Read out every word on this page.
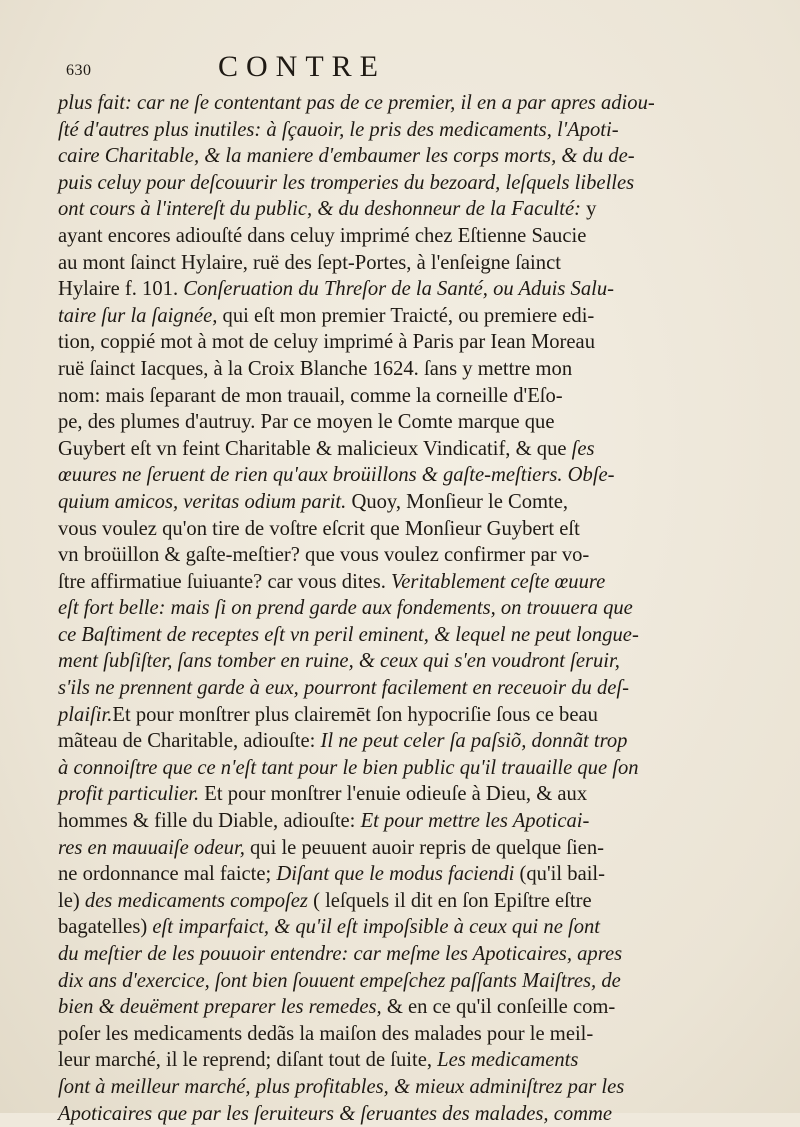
630	CONTRE
plus fait: car ne ſe contentant pas de ce premier, il en a par apres adiou-
ſté d'autres plus inutiles: à ſçauoir, le pris des medicaments, l'Apoti-
caire Charitable, & la maniere d'embaumer les corps morts, & du de-
puis celuy pour deſcouurir les tromperies du bezoard, leſquels libelles
ont cours à l'intereſt du public, & du deshonneur de la Faculté: y
ayant encores adiouſté dans celuy imprimé chez Eſtienne Saucie
au mont ſainct Hylaire, ruë des ſept-Portes, à l'enſeigne ſainct
Hylaire f. 101. Conſeruation du Threſor de la Santé, ou Aduis Salu-
taire ſur la ſaignée, qui eſt mon premier Traicté, ou premiere edi-
tion, coppié mot à mot de celuy imprimé à Paris par Iean Moreau
ruë ſainct Iacques, à la Croix Blanche 1624. ſans y mettre mon
nom: mais ſeparant de mon trauail, comme la corneille d'Eſo-
pe, des plumes d'autruy. Par ce moyen le Comte marque que
Guybert eſt vn feint Charitable & malicieux Vindicatif, & que ſes
œuures ne ſeruent de rien qu'aux broüillons & gaſte-meſtiers. Obſe-
quium amicos, veritas odium parit. Quoy, Monſieur le Comte,
vous voulez qu'on tire de voſtre eſcrit que Monſieur Guybert eſt
vn broüillon & gaſte-meſtier? que vous voulez confirmer par vo-
ſtre affirmatiue ſuiuante? car vous dites. Veritablement ceſte œuure
eſt fort belle: mais ſi on prend garde aux fondements, on trouuera que
ce Baſtiment de receptes eſt vn peril eminent, & lequel ne peut longue-
ment ſubſiſter, ſans tomber en ruine, & ceux qui s'en voudront ſeruir,
s'ils ne prennent garde à eux, pourront facilement en receuoir du deſ-
plaiſir.Et pour monſtrer plus clairemēt ſon hypocriſie ſous ce beau
mãteau de Charitable, adiouſte: Il ne peut celer ſa paſsiõ, donnãt trop
à connoiſtre que ce n'eſt tant pour le bien public qu'il trauaille que ſon
profit particulier. Et pour monſtrer l'enuie odieuſe à Dieu, & aux
hommes & fille du Diable, adiouſte: Et pour mettre les Apoticai-
res en mauuaiſe odeur, qui le peuuent auoir repris de quelque ſien-
ne ordonnance mal faicte; Diſant que le modus faciendi (qu'il bail-
le) des medicaments compoſez ( leſquels il dit en ſon Epiſtre eſtre
bagatelles) eſt imparfaict, & qu'il eſt impoſsible à ceux qui ne ſont
du meſtier de les pouuoir entendre: car meſme les Apoticaires, apres
dix ans d'exercice, ſont bien ſouuent empeſchez paſſants Maiſtres, de
bien & deuëment preparer les remedes, & en ce qu'il conſeille com-
poſer les medicaments dedãs la maiſon des malades pour le meil-
leur marché, il le reprend; diſant tout de ſuite, Les medicaments
ſont à meilleur marché, plus profitables, & mieux adminiſtrez par les
Apoticaires que par les ſeruiteurs & ſeruantes des malades, comme
